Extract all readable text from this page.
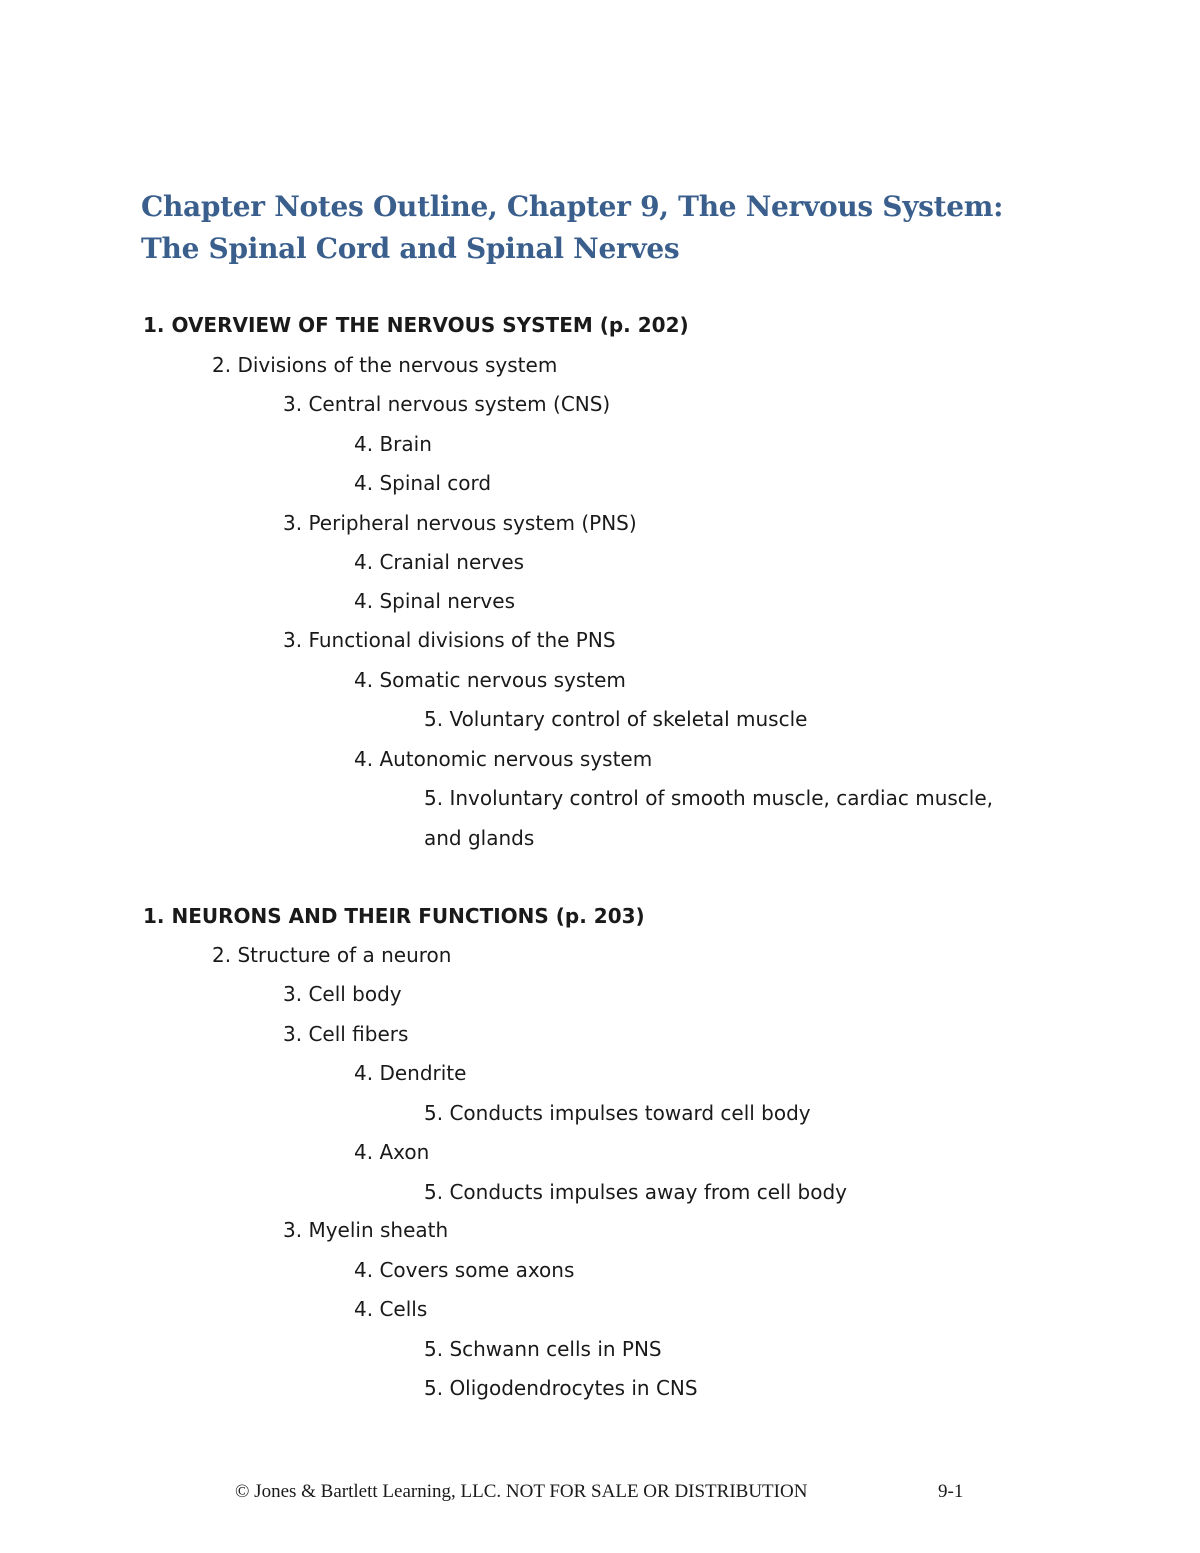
Chapter Notes Outline, Chapter 9, The Nervous System: The Spinal Cord and Spinal Nerves
1. OVERVIEW OF THE NERVOUS SYSTEM (p. 202)
2. Divisions of the nervous system
3. Central nervous system (CNS)
4. Brain
4. Spinal cord
3. Peripheral nervous system (PNS)
4. Cranial nerves
4. Spinal nerves
3. Functional divisions of the PNS
4. Somatic nervous system
5. Voluntary control of skeletal muscle
4. Autonomic nervous system
5. Involuntary control of smooth muscle, cardiac muscle,
and glands
1. NEURONS AND THEIR FUNCTIONS (p. 203)
2. Structure of a neuron
3. Cell body
3. Cell fibers
4. Dendrite
5. Conducts impulses toward cell body
4. Axon
5. Conducts impulses away from cell body
3. Myelin sheath
4. Covers some axons
4. Cells
5. Schwann cells in PNS
5. Oligodendrocytes in CNS
© Jones & Bartlett Learning, LLC. NOT FOR SALE OR DISTRIBUTION	9-1
